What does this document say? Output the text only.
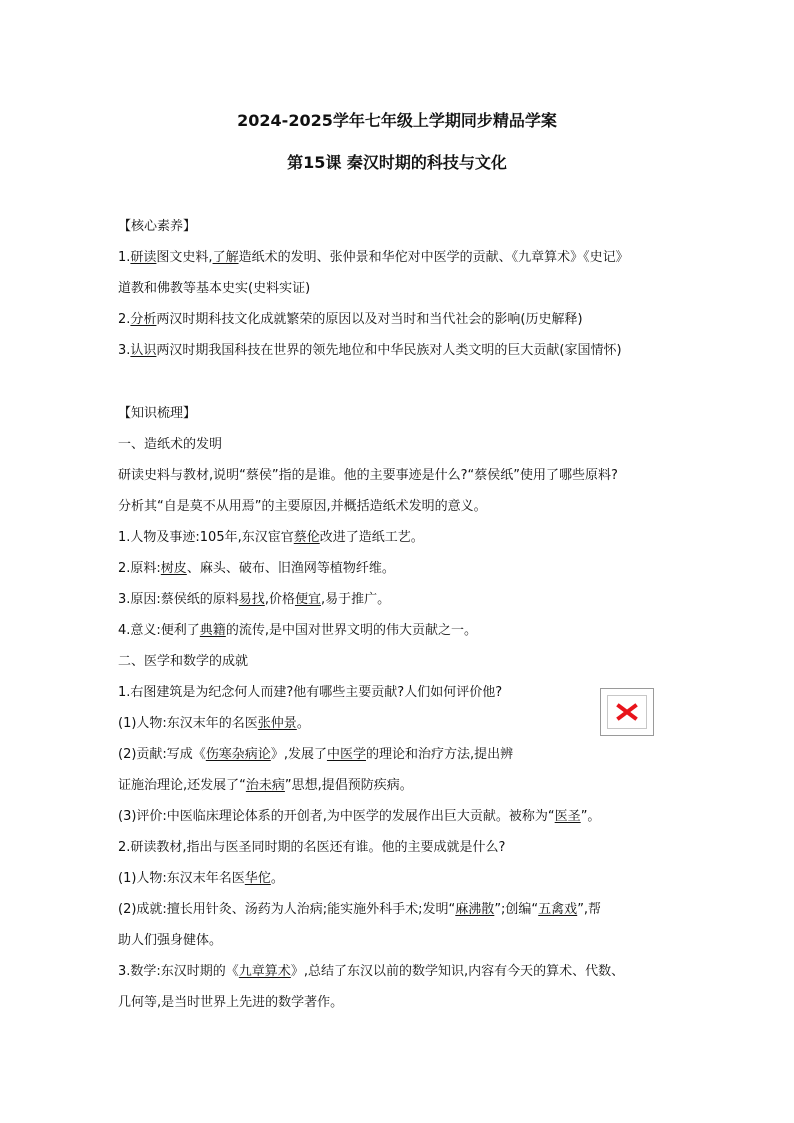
2024-2025学年七年级上学期同步精品学案
第15课 秦汉时期的科技与文化
【核心素养】
1.研读图文史料,了解造纸术的发明、张仲景和华佗对中医学的贡献、《九章算术》《史记》
道教和佛教等基本史实(史料实证)
2.分析两汉时期科技文化成就繁荣的原因以及对当时和当代社会的影响(历史解释)
3.认识两汉时期我国科技在世界的领先地位和中华民族对人类文明的巨大贡献(家国情怀)
【知识梳理】
一、造纸术的发明
研读史料与教材,说明“蔡侯”指的是谁。他的主要事迹是什么?“蔡侯纸”使用了哪些原料?
分析其“自是莫不从用焉”的主要原因,并概括造纸术发明的意义。
1.人物及事迹:105年,东汉宦官蔡伦改进了造纸工艺。
2.原料:树皮、麻头、破布、旧渔网等植物纤维。
3.原因:蔡侯纸的原料易找,价格便宜,易于推广。
4.意义:便利了典籍的流传,是中国对世界文明的伟大贡献之一。
二、医学和数学的成就
1.右图建筑是为纪念何人而建?他有哪些主要贡献?人们如何评价他?
(1)人物:东汉末年的名医张仲景。
(2)贡献:写成《伤寒杂病论》,发展了中医学的理论和治疗方法,提出辨
证施治理论,还发展了“治未病”思想,提倡预防疾病。
(3)评价:中医临床理论体系的开创者,为中医学的发展作出巨大贡献。被称为“医圣”。
2.研读教材,指出与医圣同时期的名医还有谁。他的主要成就是什么?
(1)人物:东汉末年名医华佗。
(2)成就:擅长用针灸、汤药为人治病;能实施外科手术;发明“麻沸散”;创编“五禽戏”,帮
助人们强身健体。
3.数学:东汉时期的《九章算术》,总结了东汉以前的数学知识,内容有今天的算术、代数、
几何等,是当时世界上先进的数学著作。
